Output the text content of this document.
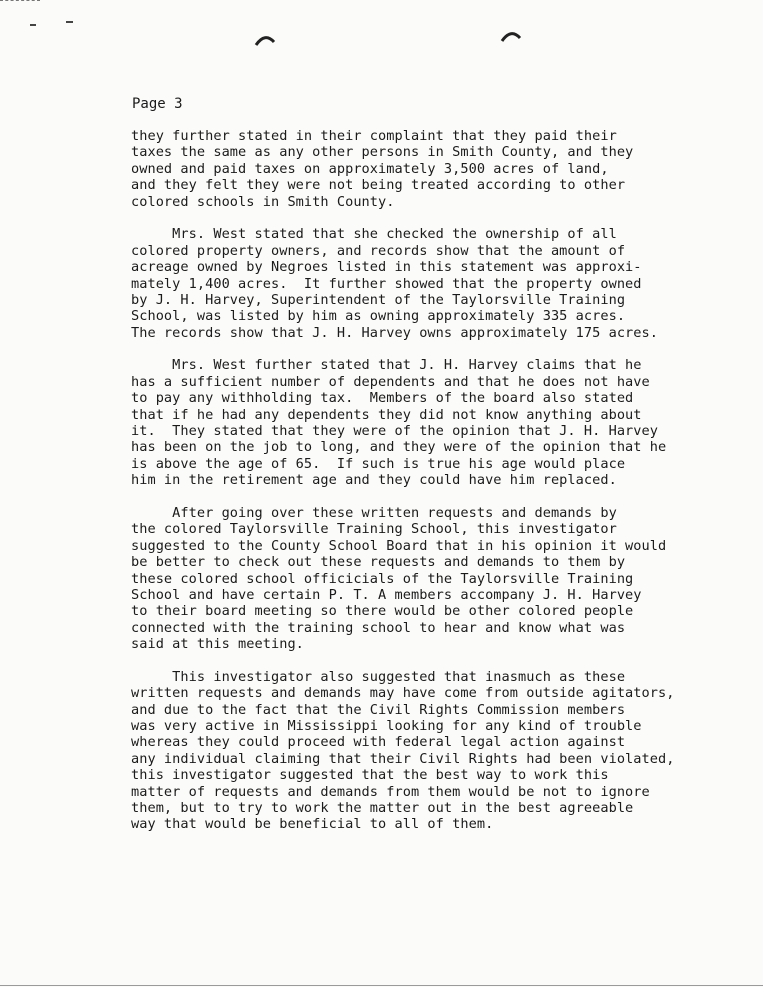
Page 3
they further stated in their complaint that they paid their
taxes the same as any other persons in Smith County, and they
owned and paid taxes on approximately 3,500 acres of land,
and they felt they were not being treated according to other
colored schools in Smith County.
Mrs. West stated that she checked the ownership of all
colored property owners, and records show that the amount of
acreage owned by Negroes listed in this statement was approxi-
mately 1,400 acres.  It further showed that the property owned
by J. H. Harvey, Superintendent of the Taylorsville Training
School, was listed by him as owning approximately 335 acres.
The records show that J. H. Harvey owns approximately 175 acres.
Mrs. West further stated that J. H. Harvey claims that he
has a sufficient number of dependents and that he does not have
to pay any withholding tax.  Members of the board also stated
that if he had any dependents they did not know anything about
it.  They stated that they were of the opinion that J. H. Harvey
has been on the job to long, and they were of the opinion that he
is above the age of 65.  If such is true his age would place
him in the retirement age and they could have him replaced.
After going over these written requests and demands by
the colored Taylorsville Training School, this investigator
suggested to the County School Board that in his opinion it would
be better to check out these requests and demands to them by
these colored school officicials of the Taylorsville Training
School and have certain P. T. A members accompany J. H. Harvey
to their board meeting so there would be other colored people
connected with the training school to hear and know what was
said at this meeting.
This investigator also suggested that inasmuch as these
written requests and demands may have come from outside agitators,
and due to the fact that the Civil Rights Commission members
was very active in Mississippi looking for any kind of trouble
whereas they could proceed with federal legal action against
any individual claiming that their Civil Rights had been violated,
this investigator suggested that the best way to work this
matter of requests and demands from them would be not to ignore
them, but to try to work the matter out in the best agreeable
way that would be beneficial to all of them.
